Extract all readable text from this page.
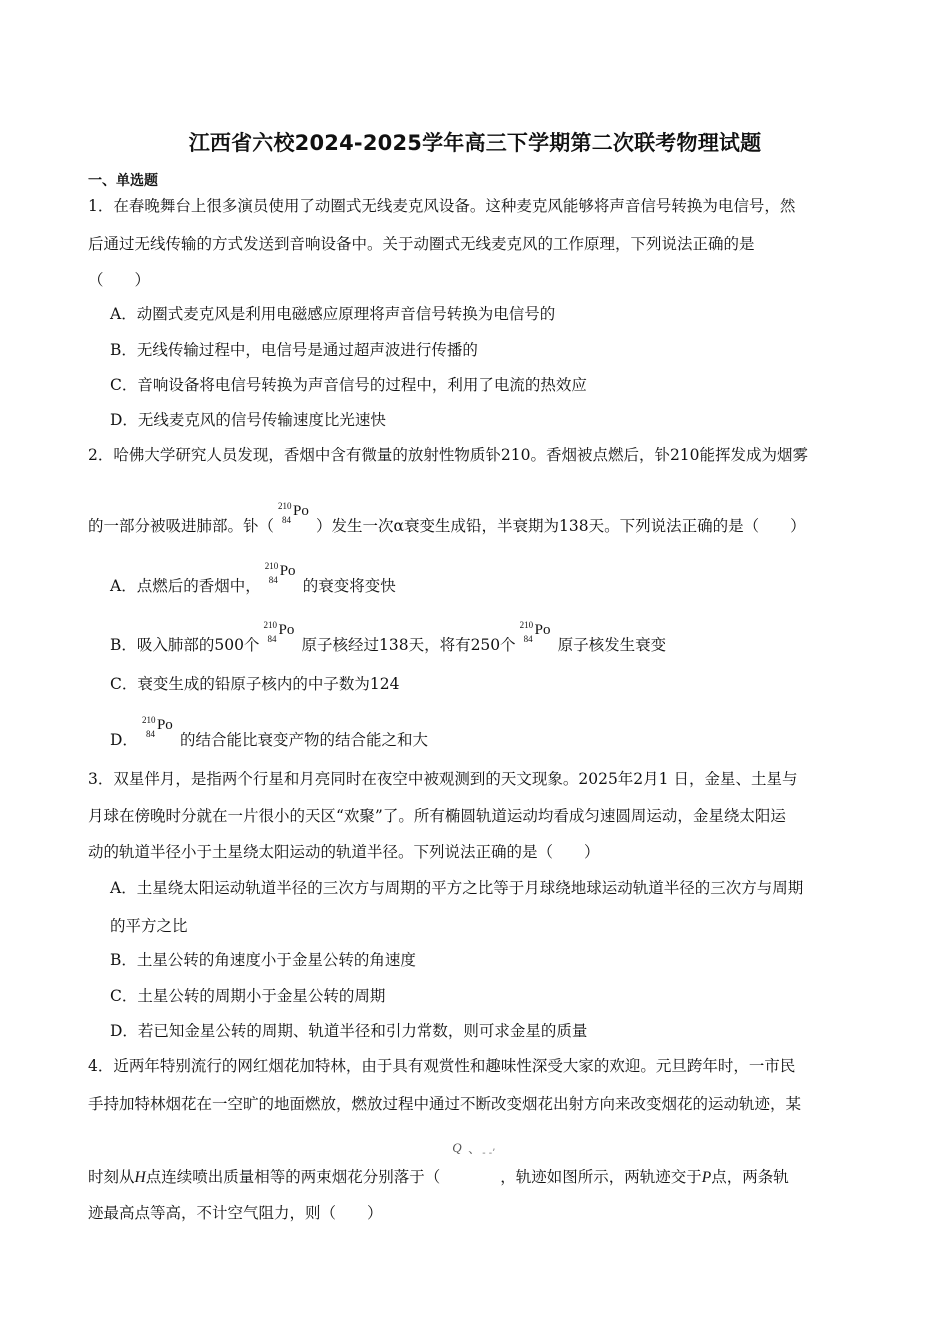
江西省六校2024-2025学年高三下学期第二次联考物理试题
一、单选题
1．在春晚舞台上很多演员使用了动圈式无线麦克风设备。这种麦克风能够将声音信号转换为电信号，然
后通过无线传输的方式发送到音响设备中。关于动圈式无线麦克风的工作原理，下列说法正确的是
（　　）
A．动圈式麦克风是利用电磁感应原理将声音信号转换为电信号的
B．无线传输过程中，电信号是通过超声波进行传播的
C．音响设备将电信号转换为声音信号的过程中，利用了电流的热效应
D．无线麦克风的信号传输速度比光速快
2．哈佛大学研究人员发现，香烟中含有微量的放射性物质钋210。香烟被点燃后，钋210能挥发成为烟雾
的一部分被吸进肺部。钋（
210
84
Po
）发生一次α衰变生成铅，半衰期为138天。下列说法正确的是（　　）
A．点燃后的香烟中，
210
84
Po
的衰变将变快
B．吸入肺部的500个
210
84
Po
原子核经过138天，将有250个
210
84
Po
原子核发生衰变
C．衰变生成的铅原子核内的中子数为124
D．
210
84
Po
的结合能比衰变产物的结合能之和大
3．双星伴月，是指两个行星和月亮同时在夜空中被观测到的天文现象。2025年2月1 日，金星、土星与
月球在傍晚时分就在一片很小的天区“欢聚”了。所有椭圆轨道运动均看成匀速圆周运动，金星绕太阳运
动的轨道半径小于土星绕太阳运动的轨道半径。下列说法正确的是（　　）
A．土星绕太阳运动轨道半径的三次方与周期的平方之比等于月球绕地球运动轨道半径的三次方与周期
的平方之比
B．土星公转的角速度小于金星公转的角速度
C．土星公转的周期小于金星公转的周期
D．若已知金星公转的周期、轨道半径和引力常数，则可求金星的质量
4．近两年特别流行的网红烟花加特林，由于具有观赏性和趣味性深受大家的欢迎。元旦跨年时，一市民
手持加特林烟花在一空旷的地面燃放，燃放过程中通过不断改变烟花出射方向来改变烟花的运动轨迹，某
时刻从H点连续喷出质量相等的两束烟花分别落于（
Q 、 - -’
，轨迹如图所示，两轨迹交于P点，两条轨
迹最高点等高，不计空气阻力，则（　　）
